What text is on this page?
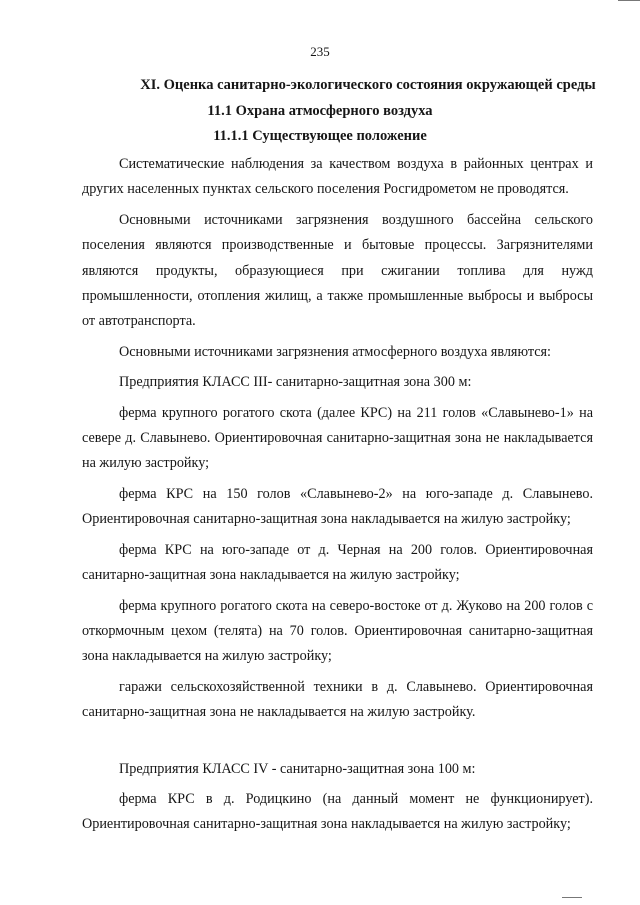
235
XI. Оценка санитарно-экологического состояния окружающей среды
11.1 Охрана атмосферного воздуха
11.1.1 Существующее положение

Систематические наблюдения за качеством воздуха в районных центрах и других населенных пунктах сельского поселения Росгидрометом не проводятся.

Основными источниками загрязнения воздушного бассейна сельского поселения являются производственные и бытовые процессы. Загрязнителями являются продукты, образующиеся при сжигании топлива для нужд промышленности, отопления жилищ, а также промышленные выбросы и выбросы от автотранспорта.

Основными источниками загрязнения атмосферного воздуха являются:

Предприятия КЛАСС III- санитарно-защитная зона 300 м:

ферма крупного рогатого скота (далее КРС) на 211 голов «Славынево-1» на севере д. Славынево. Ориентировочная санитарно-защитная зона не накладывается на жилую застройку;

ферма КРС на 150 голов «Славынево-2» на юго-западе д. Славынево. Ориентировочная санитарно-защитная зона накладывается на жилую застройку;

ферма КРС на юго-западе от д. Черная на 200 голов. Ориентировочная санитарно-защитная зона накладывается на жилую застройку;

ферма крупного рогатого скота на северо-востоке от д. Жуково на 200 голов с откормочным цехом (телята) на 70 голов. Ориентировочная санитарно-защитная зона накладывается на жилую застройку;

гаражи сельскохозяйственной техники в д. Славынево. Ориентировочная санитарно-защитная зона не накладывается на жилую застройку.

Предприятия КЛАСС IV - санитарно-защитная зона 100 м:

ферма КРС в д. Родицкино (на данный момент не функционирует). Ориентировочная санитарно-защитная зона накладывается на жилую застройку;
